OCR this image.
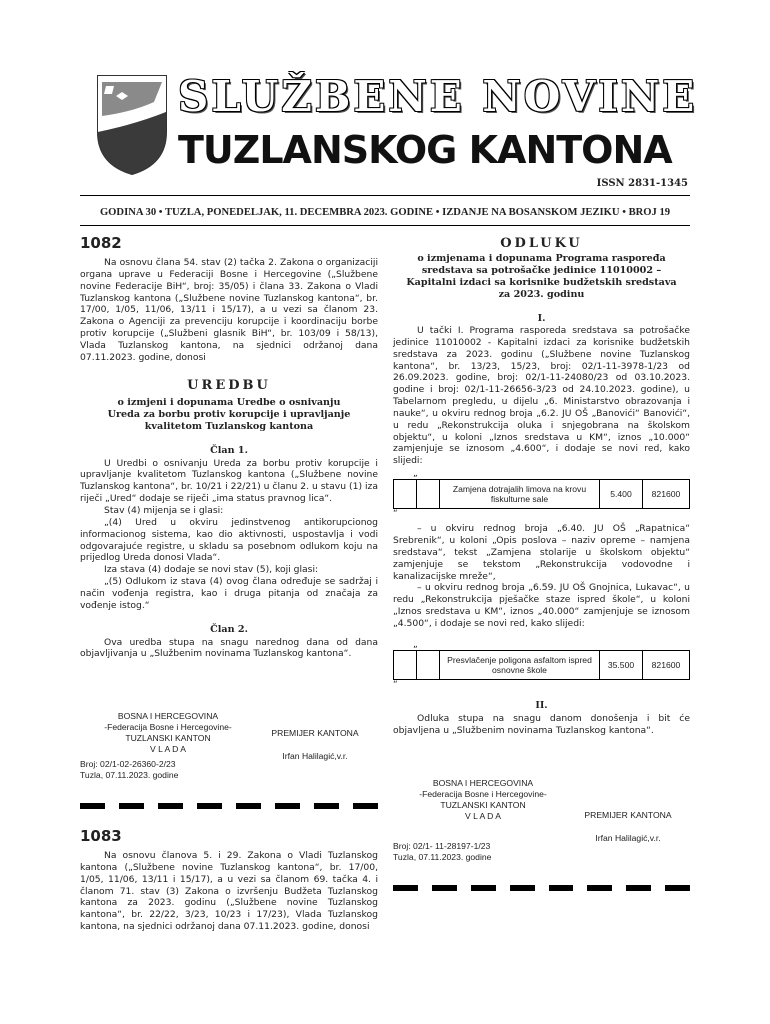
SLUŽBENE NOVINE
TUZLANSKOG KANTONA
ISSN 2831-1345
GODINA 30 • TUZLA, PONEDELJAK, 11. DECEMBRA 2023. GODINE • IZDANJE NA BOSANSKOM JEZIKU • BROJ 19
1082

Na osnovu člana 54. stav (2) tačka 2. Zakona o organizaciji organa uprave u Federaciji Bosne i Hercegovine („Službene novine Federacije BiH“, broj: 35/05) i člana 33. Zakona o Vladi Tuzlanskog kantona („Službene novine Tuzlanskog kantona“, br. 17/00, 1/05, 11/06, 13/11 i 15/17), a u vezi sa članom 23. Zakona o Agenciji za prevenciju korupcije i koordinaciju borbe protiv korupcije („Službeni glasnik BiH“, br. 103/09 i 58/13), Vlada Tuzlanskog kantona, na sjednici održanoj dana 07.11.2023. godine, donosi

UREDBU
o izmjeni i dopunama Uredbe o osnivanju Ureda za borbu protiv korupcije i upravljanje kvalitetom Tuzlanskog kantona
Član 1.

U Uredbi o osnivanju Ureda za borbu protiv korupcije i upravljanje kvalitetom Tuzlanskog kantona („Službene novine Tuzlanskog kantona“, br. 10/21 i 22/21) u članu 2. u stavu (1) iza riječi „Ured“ dodaje se riječi „ima status pravnog lica“.

Stav (4) mijenja se i glasi:

„(4) Ured u okviru jedinstvenog antikorupcionog informacionog sistema, kao dio aktivnosti, uspostavlja i vodi odgovarajuće registre, u skladu sa posebnom odlukom koju na prijedlog Ureda donosi Vlada“.

Iza stava (4) dodaje se novi stav (5), koji glasi:

„(5) Odlukom iz stava (4) ovog člana određuje se sadržaj i način vođenja registra, kao i druga pitanja od značaja za vođenje istog.“

Član 2.

Ova uredba stupa na snagu narednog dana od dana objavljivanja u „Službenim novinama Tuzlanskog kantona“.

BOSNA I HERCEGOVINA
-Federacija Bosne i Hercegovine-
TUZLANSKI KANTON
V L A D A
PREMIJER KANTONA
Irfan Halilagić,v.r.
Broj: 02/1-02-26360-2/23
Tuzla, 07.11.2023. godine
1083

Na osnovu članova 5. i 29. Zakona o Vladi Tuzlanskog kantona („Službene novine Tuzlanskog kantona“, br. 17/00, 1/05, 11/06, 13/11 i 15/17), a u vezi sa članom 69. tačka 4. i članom 71. stav (3) Zakona o izvršenju Budžeta Tuzlanskog kantona za 2023. godinu („Službene novine Tuzlanskog kantona“, br. 22/22, 3/23, 10/23 i 17/23), Vlada Tuzlanskog kantona, na sjednici održanoj dana 07.11.2023. godine, donosi

ODLUKU
o izmjenama i dopunama Programa raspoređa sredstava sa potrošačke jedinice 11010002 – Kapitalni izdaci sa korisnike budžetskih sredstava za 2023. godinu
I.

U tački I. Programa rasporeda sredstava sa potrošačke jedinice 11010002 - Kapitalni izdaci za korisnike budžetskih sredstava za 2023. godinu („Službene novine Tuzlanskog kantona“, br. 13/23, 15/23, broj: 02/1-11-3978-1/23 od 26.09.2023. godine, broj: 02/1-11-24080/23 od 03.10.2023. godine i broj: 02/1-11-26656-3/23 od 24.10.2023. godine), u Tabelarnom pregledu, u dijelu „6. Ministarstvo obrazovanja i nauke“, u okviru rednog broja „6.2. JU OŠ „Banovići“ Banovići“, u redu „Rekonstrukcija oluka i snjegobrana na školskom objektu“, u koloni „Iznos sredstava u KM“, iznos „10.000“ zamjenjuje se iznosom „4.600“, i dodaje se novi red, kako slijedi:

„
		Zamjena dotrajalih limova na krovu fiskulturne sale	5.400	821600
“

– u okviru rednog broja „6.40. JU OŠ „Rapatnica“ Srebrenik“, u koloni „Opis poslova – naziv opreme – namjena sredstava“, tekst „Zamjena stolarije u školskom objektu“ zamjenjuje se tekstom „Rekonstrukcija vodovodne i kanalizacijske mreže“,

– u okviru rednog broja „6.59. JU OŠ Gnojnica, Lukavac“, u redu „Rekonstrukcija pješačke staze ispred škole“, u koloni „Iznos sredstava u KM“, iznos „40.000“ zamjenjuje se iznosom „4.500“, i dodaje se novi red, kako slijedi:

„
		Presvlačenje poligona asfaltom ispred osnovne škole	35.500	821600
“
II.

Odluka stupa na snagu danom donošenja i bit će objavljena u „Službenim novinama Tuzlanskog kantona“.

BOSNA I HERCEGOVINA
-Federacija Bosne i Hercegovine-
TUZLANSKI KANTON
V L A D A	PREMIJER KANTONA
Irfan Halilagić,v.r.
Broj: 02/1- 11-28197-1/23
Tuzla, 07.11.2023. godine
